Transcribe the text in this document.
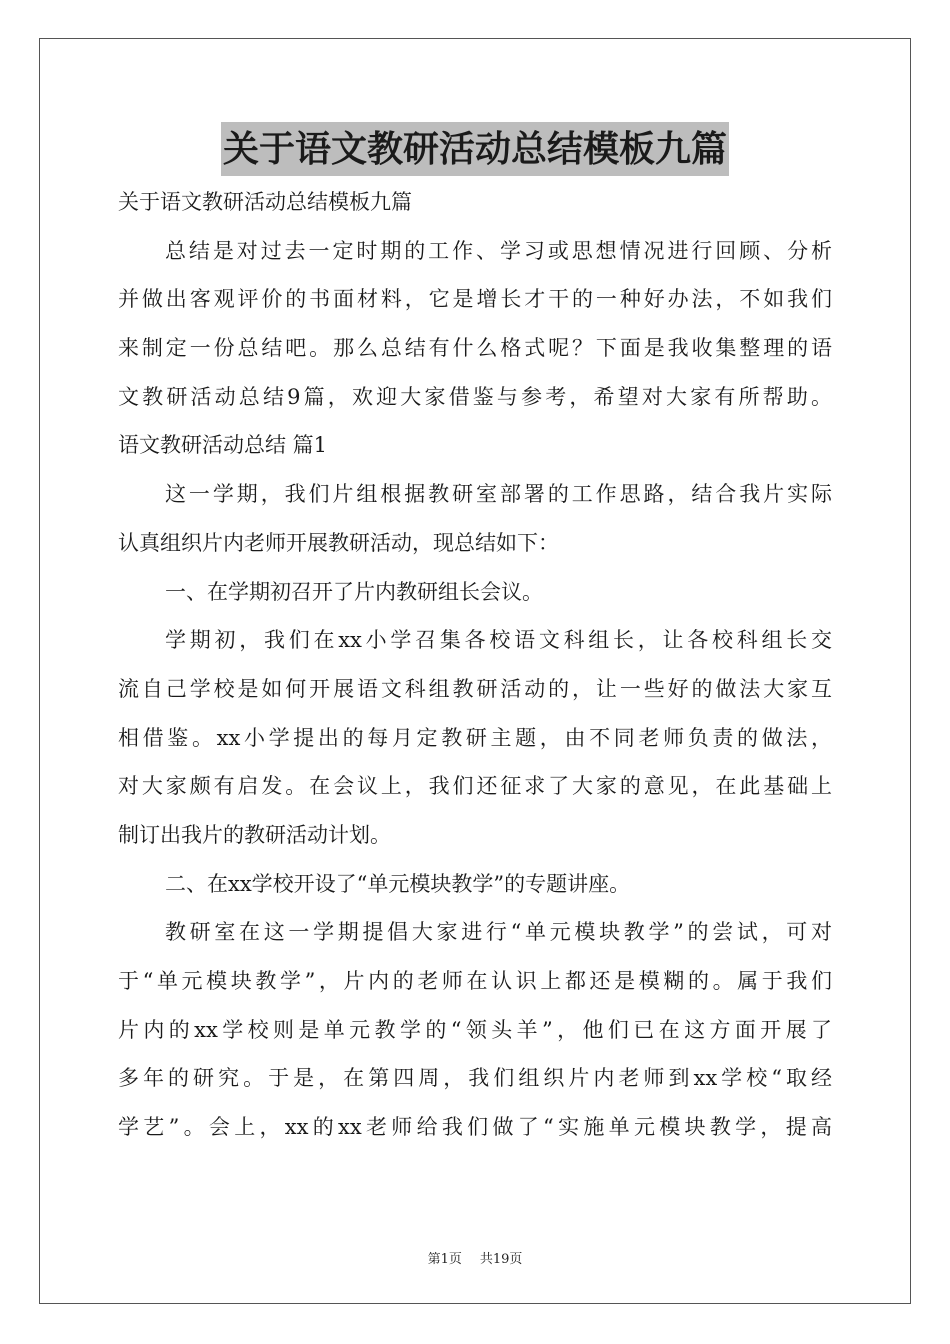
关于语文教研活动总结模板九篇

关于语文教研活动总结模板九篇

总结是对过去一定时期的工作、学习或思想情况进行回顾、分析

并做出客观评价的书面材料，它是增长才干的一种好办法，不如我们

来制定一份总结吧。那么总结有什么格式呢？下面是我收集整理的语

文教研活动总结9篇，欢迎大家借鉴与参考，希望对大家有所帮助。

语文教研活动总结 篇1

这一学期，我们片组根据教研室部署的工作思路，结合我片实际

认真组织片内老师开展教研活动，现总结如下：

一、在学期初召开了片内教研组长会议。

学期初，我们在xx小学召集各校语文科组长，让各校科组长交

流自己学校是如何开展语文科组教研活动的，让一些好的做法大家互

相借鉴。xx小学提出的每月定教研主题，由不同老师负责的做法，

对大家颇有启发。在会议上，我们还征求了大家的意见，在此基础上

制订出我片的教研活动计划。

二、在xx学校开设了“单元模块教学”的专题讲座。

教研室在这一学期提倡大家进行“单元模块教学”的尝试，可对

于“单元模块教学”，片内的老师在认识上都还是模糊的。属于我们

片内的xx学校则是单元教学的“领头羊”，他们已在这方面开展了

多年的研究。于是，在第四周，我们组织片内老师到xx学校“取经

学艺”。会上，xx的xx老师给我们做了“实施单元模块教学，提高

第1页 共19页
